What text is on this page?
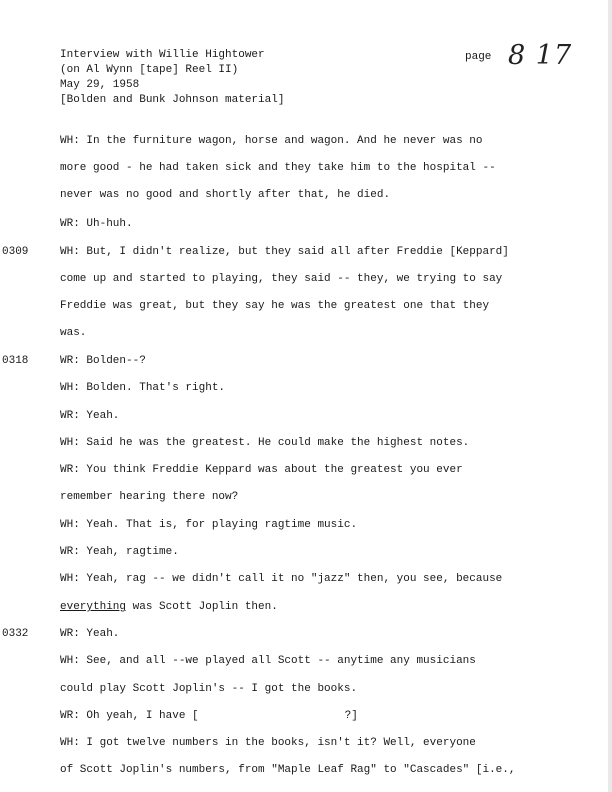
Interview with Willie Hightower
(on Al Wynn [tape] Reel II)
May 29, 1958
[Bolden and Bunk Johnson material]
page 8 17
0309
0318
0332
WH: In the furniture wagon, horse and wagon. And he never was no
more good - he had taken sick and they take him to the hospital --
never was no good and shortly after that, he died.
WR: Uh-huh.
WH: But, I didn't realize, but they said all after Freddie [Keppard]
come up and started to playing, they said -- they, we trying to say
Freddie was great, but they say he was the greatest one that they
was.
WR: Bolden--?
WH: Bolden. That's right.
WR: Yeah.
WH: Said he was the greatest. He could make the highest notes.
WR: You think Freddie Keppard was about the greatest you ever
remember hearing there now?
WH: Yeah. That is, for playing ragtime music.
WR: Yeah, ragtime.
WH: Yeah, rag -- we didn't call it no "jazz" then, you see, because
everything was Scott Joplin then.
WR: Yeah.
WH: See, and all --we played all Scott -- anytime any musicians
could play Scott Joplin's -- I got the books.
WR: Oh yeah, I have [	?]
WH: I got twelve numbers in the books, isn't it? Well, everyone
of Scott Joplin's numbers, from "Maple Leaf Rag" to "Cascades" [i.e.,
